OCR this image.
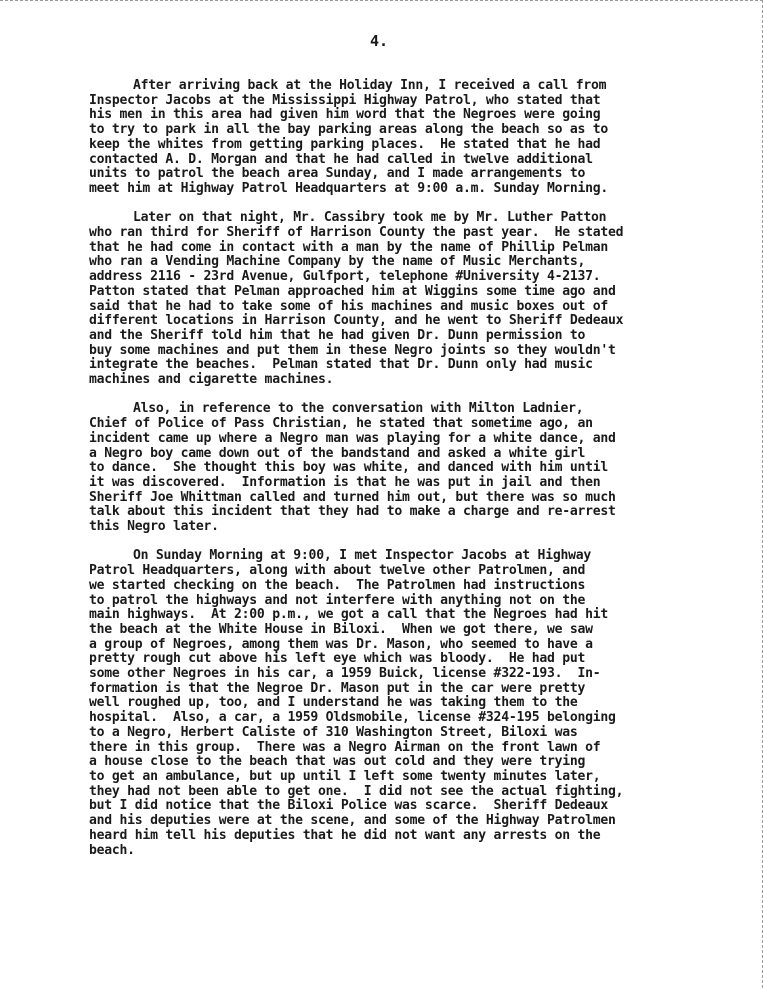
4.
After arriving back at the Holiday Inn, I received a call from
Inspector Jacobs at the Mississippi Highway Patrol, who stated that
his men in this area had given him word that the Negroes were going
to try to park in all the bay parking areas along the beach so as to
keep the whites from getting parking places.  He stated that he had
contacted A. D. Morgan and that he had called in twelve additional
units to patrol the beach area Sunday, and I made arrangements to
meet him at Highway Patrol Headquarters at 9:00 a.m. Sunday Morning.
Later on that night, Mr. Cassibry took me by Mr. Luther Patton
who ran third for Sheriff of Harrison County the past year.  He stated
that he had come in contact with a man by the name of Phillip Pelman
who ran a Vending Machine Company by the name of Music Merchants,
address 2116 - 23rd Avenue, Gulfport, telephone #University 4-2137.
Patton stated that Pelman approached him at Wiggins some time ago and
said that he had to take some of his machines and music boxes out of
different locations in Harrison County, and he went to Sheriff Dedeaux
and the Sheriff told him that he had given Dr. Dunn permission to
buy some machines and put them in these Negro joints so they wouldn't
integrate the beaches.  Pelman stated that Dr. Dunn only had music
machines and cigarette machines.
Also, in reference to the conversation with Milton Ladnier,
Chief of Police of Pass Christian, he stated that sometime ago, an
incident came up where a Negro man was playing for a white dance, and
a Negro boy came down out of the bandstand and asked a white girl
to dance.  She thought this boy was white, and danced with him until
it was discovered.  Information is that he was put in jail and then
Sheriff Joe Whittman called and turned him out, but there was so much
talk about this incident that they had to make a charge and re-arrest
this Negro later.
On Sunday Morning at 9:00, I met Inspector Jacobs at Highway
Patrol Headquarters, along with about twelve other Patrolmen, and
we started checking on the beach.  The Patrolmen had instructions
to patrol the highways and not interfere with anything not on the
main highways.  At 2:00 p.m., we got a call that the Negroes had hit
the beach at the White House in Biloxi.  When we got there, we saw
a group of Negroes, among them was Dr. Mason, who seemed to have a
pretty rough cut above his left eye which was bloody.  He had put
some other Negroes in his car, a 1959 Buick, license #322-193.  In-
formation is that the Negroe Dr. Mason put in the car were pretty
well roughed up, too, and I understand he was taking them to the
hospital.  Also, a car, a 1959 Oldsmobile, license #324-195 belonging
to a Negro, Herbert Caliste of 310 Washington Street, Biloxi was
there in this group.  There was a Negro Airman on the front lawn of
a house close to the beach that was out cold and they were trying
to get an ambulance, but up until I left some twenty minutes later,
they had not been able to get one.  I did not see the actual fighting,
but I did notice that the Biloxi Police was scarce.  Sheriff Dedeaux
and his deputies were at the scene, and some of the Highway Patrolmen
heard him tell his deputies that he did not want any arrests on the
beach.
